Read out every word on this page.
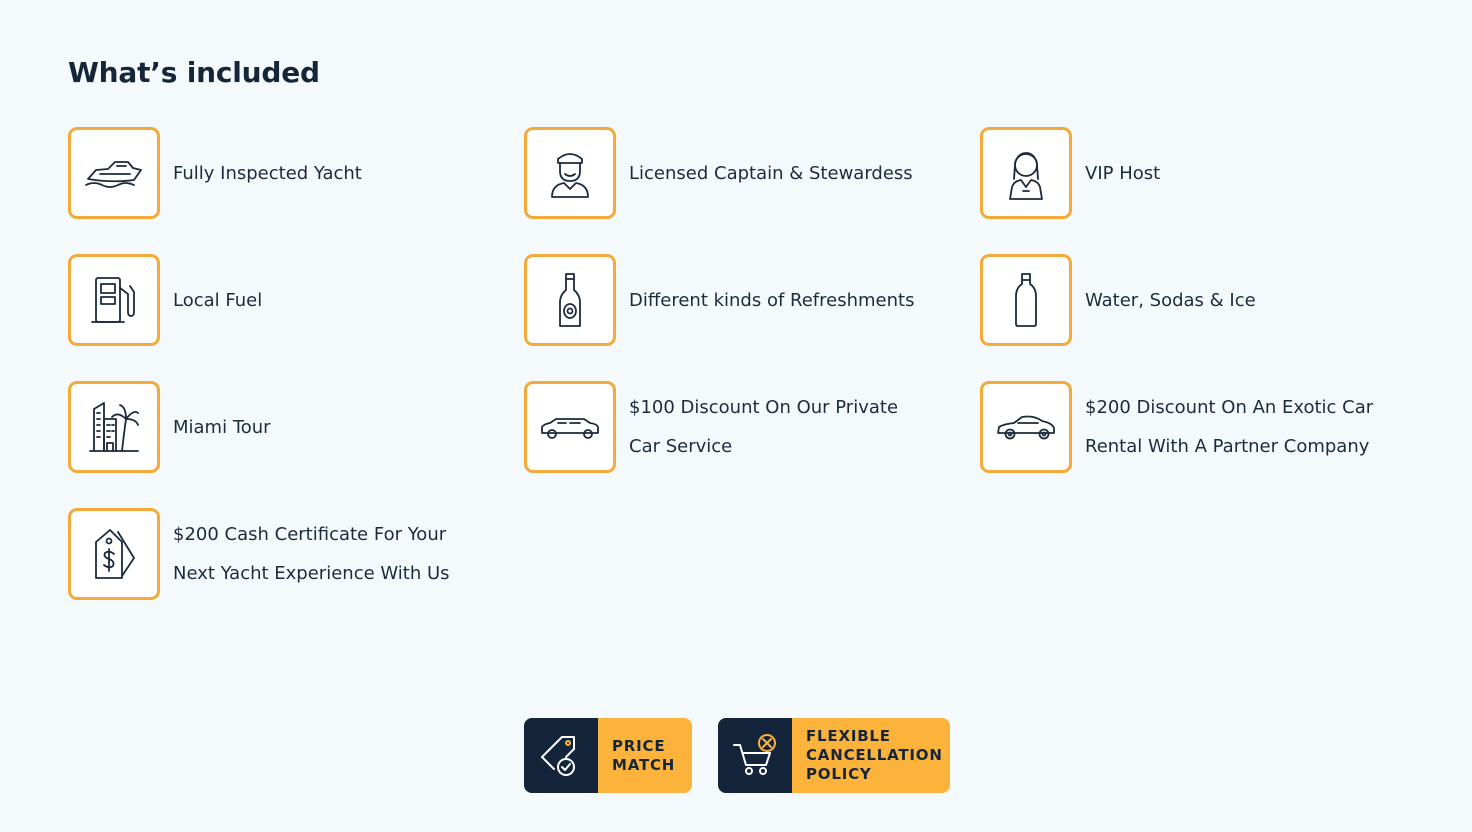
What’s included
Fully Inspected Yacht	Licensed Captain & Stewardess	VIP Host
Local Fuel	Different kinds of Refreshments	Water, Sodas & Ice
Miami Tour
$100 Discount On Our Private Car Service
$200 Discount On An Exotic Car Rental With A Partner Company
$200 Cash Certificate For Your Next Yacht Experience With Us
PRICE
MATCH
FLEXIBLE
CANCELLATION
POLICY
